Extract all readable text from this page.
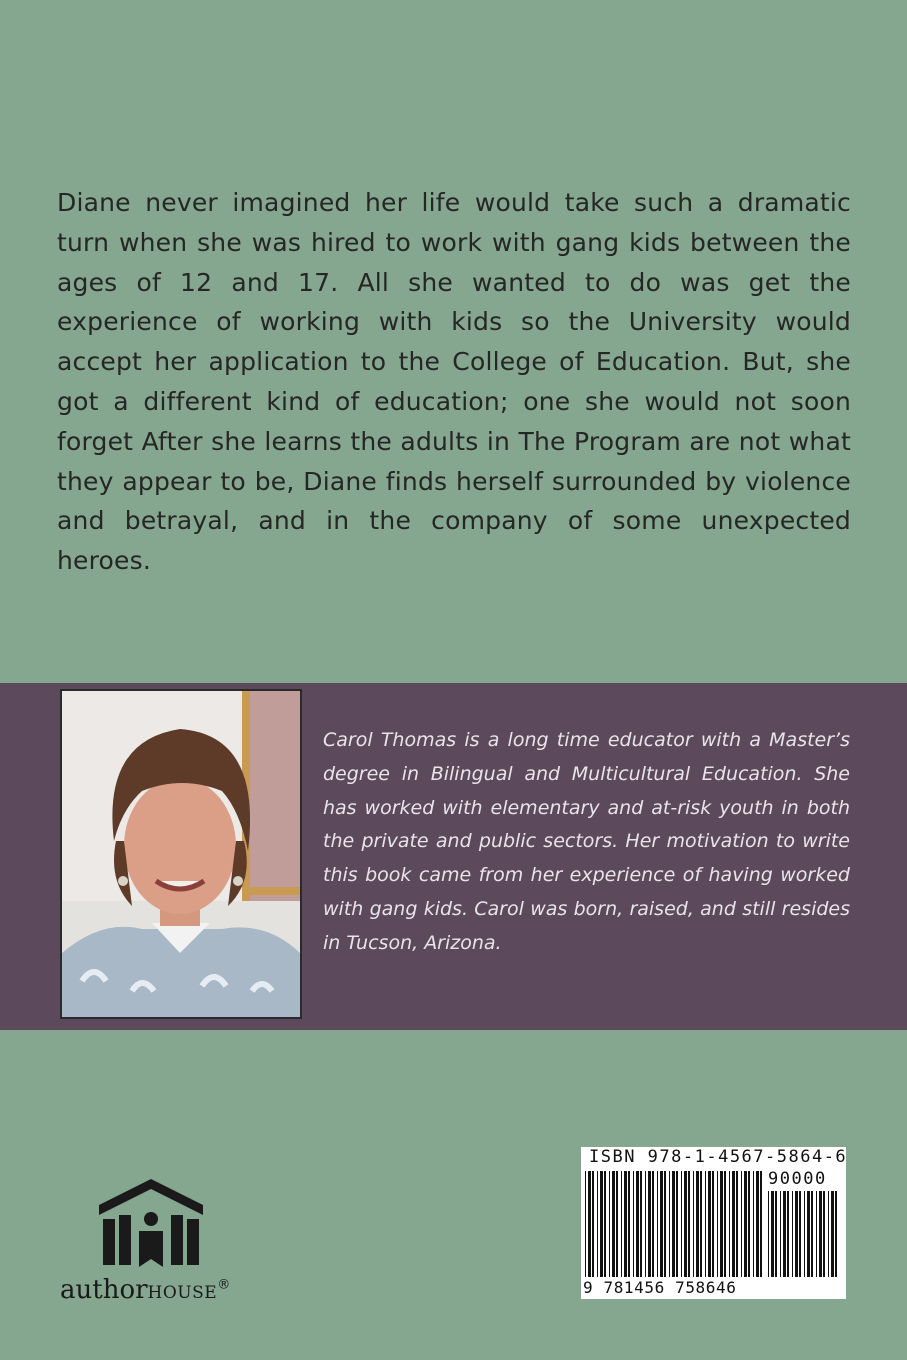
Diane never imagined her life would take such a dramatic turn when she was hired to work with gang kids between the ages of 12 and 17. All she wanted to do was get the experience of working with kids so the University would accept her application to the College of Education. But, she got a different kind of education; one she would not soon forget After she learns the adults in The Program are not what they appear to be, Diane finds herself surrounded by violence and betrayal, and in the company of some unexpected heroes.

Carol Thomas is a long time educator with a Master’s degree in Bilingual and Multicultural Education. She has worked with elementary and at-risk youth in both the private and public sectors. Her motivation to write this book came from her experience of having worked with gang kids. Carol was born, raised, and still resides in Tucson, Arizona.

authorHOUSE®
ISBN 978-1-4567-5864-6
90000
9 781456 758646
